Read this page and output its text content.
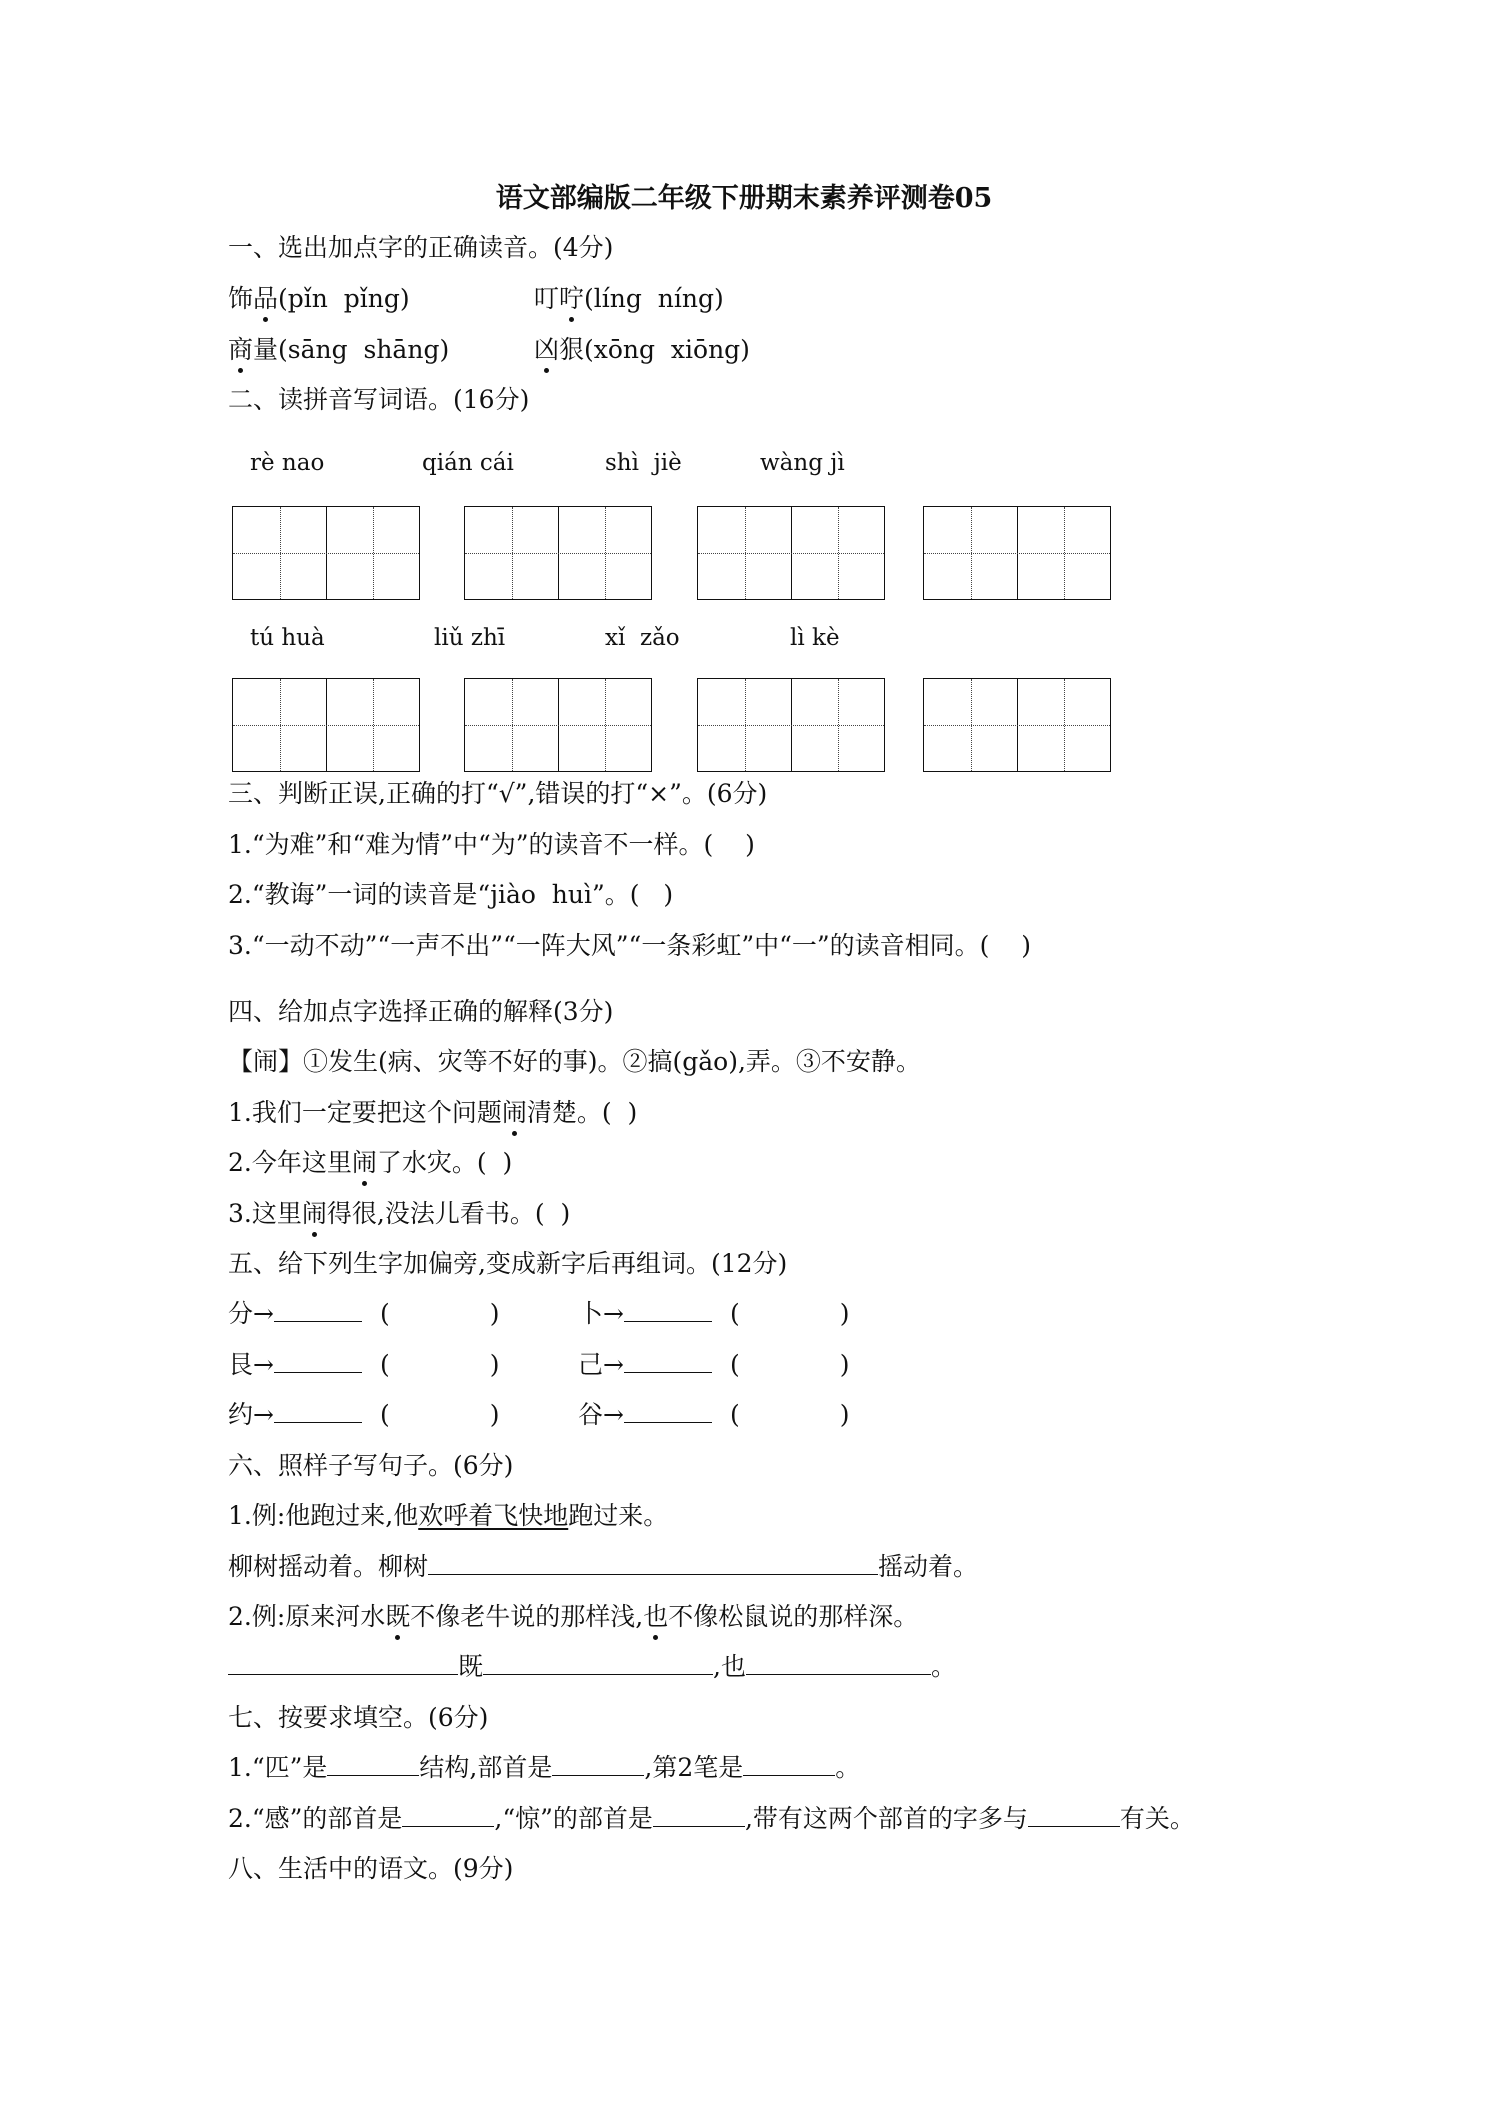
语文部编版二年级下册期末素养评测卷05
一、选出加点字的正确读音。(4分)
饰品(pǐn  pǐng)	叮咛(líng  níng)
商量(sāng  shāng)	凶狠(xōng  xiōng)
二、读拼音写词语。(16分)
rè nao	qián cái	shì  jiè	wàng jì
tú huà	liǔ zhī	xǐ  zǎo	lì kè
三、判断正误,正确的打“√”,错误的打“×”。(6分)
1.“为难”和“难为情”中“为”的读音不一样。(    )
2.“教诲”一词的读音是“jiào  huì”。(   )
3.“一动不动”“一声不出”“一阵大风”“一条彩虹”中“一”的读音相同。(    )
四、给加点字选择正确的解释(3分)
【闹】①发生(病、灾等不好的事)。②搞(gǎo),弄。③不安静。
1.我们一定要把这个问题闹清楚。(  )
2.今年这里闹了水灾。(  )
3.这里闹得很,没法儿看书。(  )
五、给下列生字加偏旁,变成新字后再组词。(12分)
分→	(	)	卜→	(	)
艮→	(	)	己→	(	)
约→	(	)	谷→	(	)
六、照样子写句子。(6分)
1.例:他跑过来,他欢呼着飞快地跑过来。
柳树摇动着。柳树	摇动着。
2.例:原来河水既不像老牛说的那样浅,也不像松鼠说的那样深。
既	,也	。
七、按要求填空。(6分)
1.“匹”是	结构,部首是	,第2笔是	。
2.“感”的部首是	,“惊”的部首是	,带有这两个部首的字多与	有关。
八、生活中的语文。(9分)
